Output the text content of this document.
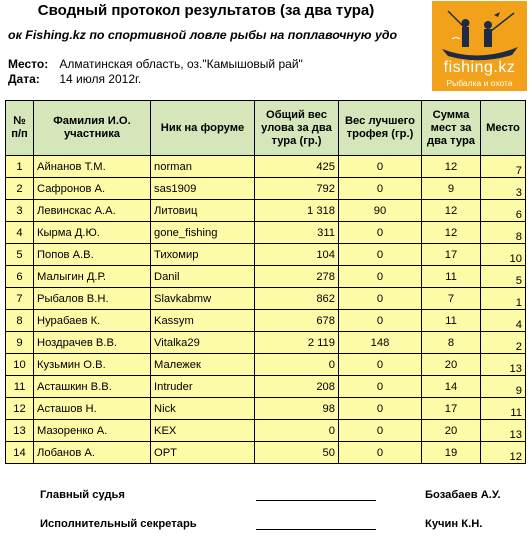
Сводный протокол результатов (за два тура)
ок Fishing.kz по спортивной ловле рыбы на поплавочную удо
fishing.kz
Рыбалка и охота
Место: Алматинская область, оз."Камышовый рай"
Дата: 14 июля 2012г.
№ п/п	Фамилия И.О. участника	Ник на форуме	Общий вес улова за два тура (гр.)	Вес лучшего трофея (гр.)	Сумма мест за два тура	Место
1	Айнанов Т.М.	norman	425	0	12	7
2	Сафронов А.	sas1909	792	0	9	3
3	Левинскас А.А.	Литовиц	1 318	90	12	6
4	Кырма Д.Ю.	gone_fishing	311	0	12	8
5	Попов А.В.	Тихомир	104	0	17	10
6	Малыгин Д.Р.	Danil	278	0	11	5
7	Рыбалов В.Н.	Slavkabmw	862	0	7	1
8	Нурабаев К.	Kassym	678	0	11	4
9	Ноздрачев В.В.	Vitalka29	2 119	148	8	2
10	Кузьмин О.В.	Малежек	0	0	20	13
11	Асташкин В.В.	Intruder	208	0	14	9
12	Асташов Н.	Nick	98	0	17	11
13	Мазоренко А.	KEX	0	0	20	13
14	Лобанов А.	OPT	50	0	19	12
Главный судья	Бозабаев А.У.
Исполнительный секретарь	Кучин К.Н.
